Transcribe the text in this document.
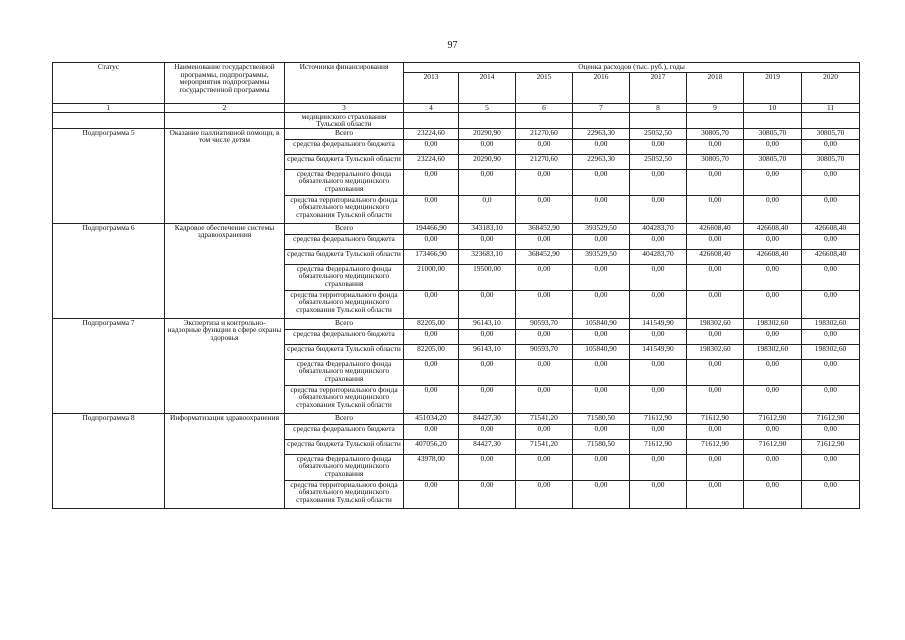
97
Статус	Наименование государственной программы, подпрограммы, мероприятия подпрограммы государственной программы	Источники финансирования	Оценка расходов (тыс. руб.), годы							
			2013	2014	2015	2016	2017	2018	2019	2020
1	2	3	4	5	6	7	8	9	10	11
		медицинского страхования Тульской области								
Подпрограмма 5	Оказание паллиативной помощи, в том числе детям	Всего	23224,60	20290,90	21270,60	22963,30	25052,50	30805,70	30805,70	30805,70
		средства федерального бюджета	0,00	0,00	0,00	0,00	0,00	0,00	0,00	0,00
		средства бюджета Тульской области	23224,60	20290,90	21270,60	22963,30	25052,50	30805,70	30805,70	30805,70
		средства Федерального фонда обязательного медицинского страхования	0,00	0,00	0,00	0,00	0,00	0,00	0,00	0,00
		средства территориального фонда обязательного медицинского страхования Тульской области	0,00	0,0	0,00	0,00	0,00	0,00	0,00	0,00
Подпрограмма 6	Кадровое обеспечение системы здравоохранения	Всего	194466,90	343183,10	368452,90	393529,50	404283,70	426608,40	426608,40	426608,40
		средства федерального бюджета	0,00	0,00	0,00	0,00	0,00	0,00	0,00	0,00
		средства бюджета Тульской области	173466,90	323683,10	368452,90	393529,50	404283,70	426608,40	426608,40	426608,40
		средства Федерального фонда обязательного медицинского страхования	21000,00	19500,00	0,00	0,00	0,00	0,00	0,00	0,00
		средства территориального фонда обязательного медицинского страхования Тульской области	0,00	0,00	0,00	0,00	0,00	0,00	0,00	0,00
Подпрограмма 7	Экспертиза и контрольно-надзорные функции в сфере охраны здоровья	Всего	82205,00	96143,10	90593,70	105840,90	141549,90	198302,60	198302,60	198302,60
		средства федерального бюджета	0,00	0,00	0,00	0,00	0,00	0,00	0,00	0,00
		средства бюджета Тульской области	82205,00	96143,10	90593,70	105840,90	141549,90	198302,60	198302,60	198302,60
		средства Федерального фонда обязательного медицинского страхования	0,00	0,00	0,00	0,00	0,00	0,00	0,00	0,00
		средства территориального фонда обязательного медицинского страхования Тульской области	0,00	0,00	0,00	0,00	0,00	0,00	0,00	0,00
Подпрограмма 8	Информатизация здравоохранения	Всего	451034,20	84427,30	71541,20	71580,50	71612,90	71612,90	71612,90	71612,90
		средства федерального бюджета	0,00	0,00	0,00	0,00	0,00	0,00	0,00	0,00
		средства бюджета Тульской области	407056,20	84427,30	71541,20	71580,50	71612,90	71612,90	71612,90	71612,90
		средства Федерального фонда обязательного медицинского страхования	43978,00	0,00	0,00	0,00	0,00	0,00	0,00	0,00
		средства территориального фонда обязательного медицинского страхования Тульской области	0,00	0,00	0,00	0,00	0,00	0,00	0,00	0,00
